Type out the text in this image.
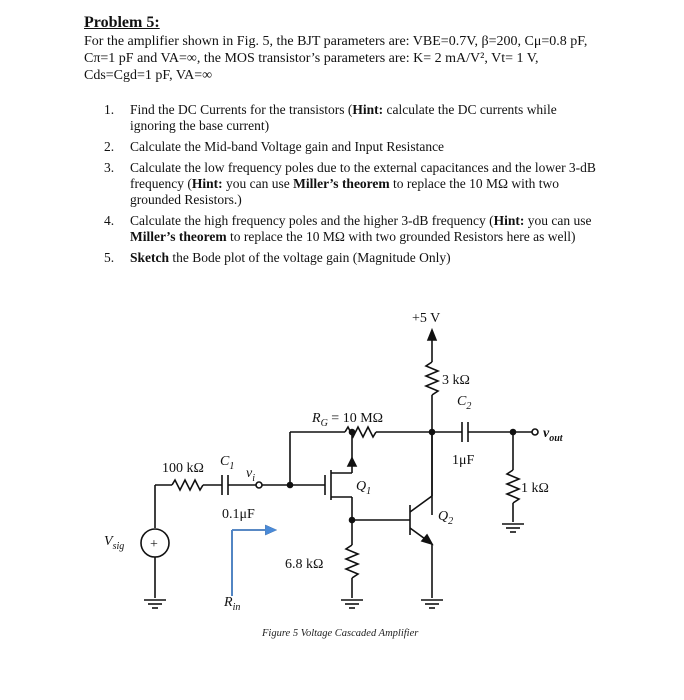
Problem 5:

For the amplifier shown in Fig. 5, the BJT parameters are: VBE=0.7V, β=200, Cμ=0.8 pF,

Cπ=1 pF and VA=∞, the MOS transistor’s parameters are: K= 2 mA/V², Vt= 1 V,

Cds=Cgd=1 pF, VA=∞

1.	Find the DC Currents for the transistors (Hint: calculate the DC currents while ignoring the base current)
2.	Calculate the Mid-band Voltage gain and Input Resistance
3.	Calculate the low frequency poles due to the external capacitances and the lower 3-dB frequency (Hint: you can use Miller’s theorem to replace the 10 MΩ with two grounded Resistors.)
4.	Calculate the high frequency poles and the higher 3-dB frequency (Hint: you can use Miller’s theorem to replace the 10 MΩ with two grounded Resistors here as well)
5.	Sketch the Bode plot of the voltage gain (Magnitude Only)
+
+5 V
3 kΩ
$C_2$
$R_G = 10$ MΩ
1μF
$v_{out}$
100 kΩ $C_1$ $v_i$
$Q_1$
$Q_2$
1 kΩ
0.1μF
$V_{sig}$
6.8 kΩ
$R_{in}$
Figure 5 Voltage Cascaded Amplifier
